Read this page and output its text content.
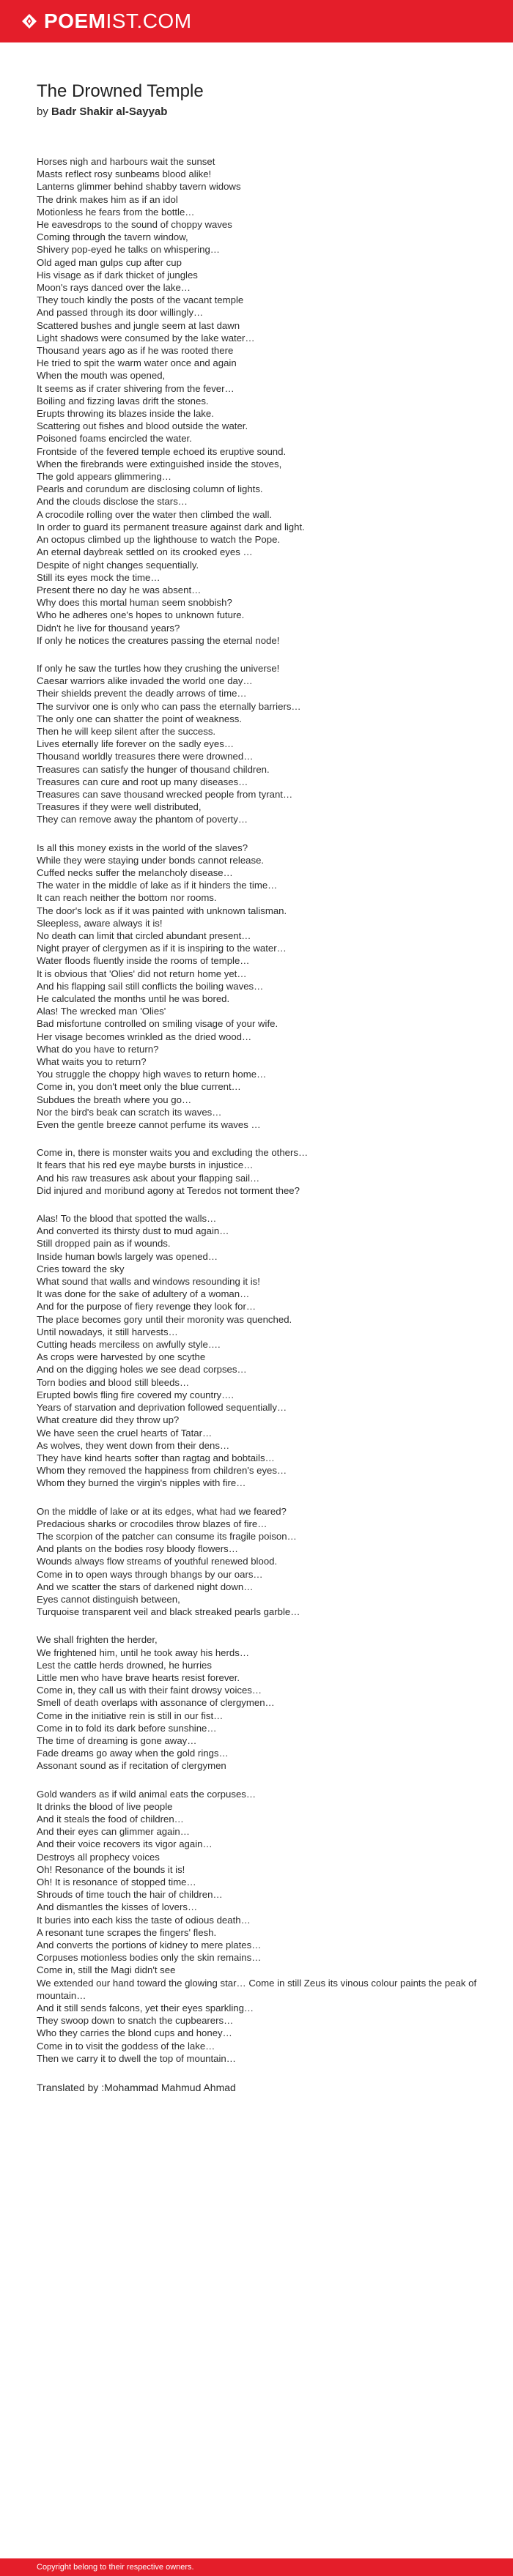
POEMIST.COM
The Drowned Temple
by Badr Shakir al-Sayyab
Horses nigh and harbours wait the sunset
Masts reflect rosy sunbeams blood alike!
Lanterns glimmer behind shabby tavern widows
The drink makes him as if an idol
Motionless he fears from the bottle…
He eavesdrops to the sound of choppy waves
Coming through the tavern window,
Shivery pop-eyed he talks on whispering…
Old aged man gulps cup after cup
His visage as if dark thicket of jungles
Moon's rays danced over the lake…
They touch kindly the posts of the vacant temple
And passed through its door willingly…
Scattered bushes and jungle seem at last dawn
Light shadows were consumed by the lake water…
Thousand years ago as if he was rooted there
He tried to spit the warm water once and again
When the mouth was opened,
It seems as if crater shivering from the fever…
Boiling and fizzing lavas drift the stones.
Erupts throwing its blazes inside the lake.
Scattering out fishes and blood outside the water.
Poisoned foams encircled the water.
Frontside of the fevered temple echoed its eruptive sound.
When the firebrands were extinguished inside the stoves,
The gold appears glimmering…
Pearls and corundum are disclosing column of lights.
And the clouds disclose the stars…
A crocodile rolling over the water then climbed the wall.
In order to guard its permanent treasure against dark and light.
An octopus climbed up the lighthouse to watch the Pope.
An eternal daybreak settled on its crooked eyes …
Despite of night changes sequentially.
Still its eyes mock the time…
Present there no day he was absent…
Why does this mortal human seem snobbish?
Who he adheres one's hopes to unknown future.
Didn't he live for thousand years?
If only he notices the creatures passing the eternal node!
If only he saw the turtles how they crushing the universe!
Caesar warriors alike invaded the world one day…
Their shields prevent the deadly arrows of time…
The survivor one is only who can pass the eternally barriers…
The only one can shatter the point of weakness.
Then he will keep silent after the success.
Lives eternally life forever on the sadly eyes…
Thousand worldly treasures there were drowned…
Treasures can satisfy the hunger of thousand children.
Treasures can cure and root up many diseases…
Treasures can save thousand wrecked people from tyrant…
Treasures if they were well distributed,
They can remove away the phantom of poverty…
Is all this money exists in the world of the slaves?
While they were staying under bonds cannot release.
Cuffed necks suffer the melancholy disease…
The water in the middle of lake as if it hinders the time…
It can reach neither the bottom nor rooms.
The door's lock as if it was painted with unknown talisman.
Sleepless, aware always it is!
No death can limit that circled abundant present…
Night prayer of clergymen as if it is inspiring to the water…
Water floods fluently inside the rooms of temple…
It is obvious that 'Olies' did not return home yet…
And his flapping sail still conflicts the boiling waves…
He calculated the months until he was bored.
Alas! The wrecked man 'Olies'
Bad misfortune controlled on smiling visage of your wife.
Her visage becomes wrinkled as the dried wood…
What do you have to return?
What waits you to return?
You struggle the choppy high waves to return home…
Come in, you don't meet only the blue current…
Subdues the breath where you go…
Nor the bird's beak can scratch its waves…
Even the gentle breeze cannot perfume its waves …
Come in, there is monster waits you and excluding the others…
It fears that his red eye maybe bursts in injustice…
And his raw treasures ask about your flapping sail…
Did injured and moribund agony at Teredos not torment thee?
Alas! To the blood that spotted the walls…
And converted its thirsty dust to mud again…
Still dropped pain as if wounds.
Inside human bowls largely was opened…
Cries toward the sky
What sound that walls and windows resounding it is!
It was done for the sake of adultery of a woman…
And for the purpose of fiery revenge they look for…
The place becomes gory until their moronity was quenched.
Until nowadays, it still harvests…
Cutting heads merciless on awfully style….
As crops were harvested by one scythe
And on the digging holes we see dead corpses…
Torn bodies and blood still bleeds…
Erupted bowls fling fire covered my country….
Years of starvation and deprivation followed sequentially…
What creature did they throw up?
We have seen the cruel hearts of Tatar…
As wolves, they went down from their dens…
They have kind hearts softer than ragtag and bobtails…
Whom they removed the happiness from children's eyes…
Whom they burned the virgin's nipples with fire…
On the middle of lake or at its edges, what had we feared?
Predacious sharks or crocodiles throw blazes of fire…
The scorpion of the patcher can consume its fragile poison…
And plants on the bodies rosy bloody flowers…
Wounds always flow streams of youthful renewed blood.
Come in to open ways through bhangs by our oars…
And we scatter the stars of darkened night down…
Eyes cannot distinguish between,
Turquoise transparent veil and black streaked pearls garble…
We shall frighten the herder,
We frightened him, until he took away his herds…
Lest the cattle herds drowned, he hurries
Little men who have brave hearts resist forever.
Come in, they call us with their faint drowsy voices…
Smell of death overlaps with assonance of clergymen…
Come in the initiative rein is still in our fist…
Come in to fold its dark before sunshine…
The time of dreaming is gone away…
Fade dreams go away when the gold rings…
Assonant sound as if recitation of clergymen
Gold wanders as if wild animal eats the corpuses…
It drinks the blood of live people
And it steals the food of children…
And their eyes can glimmer again…
And their voice recovers its vigor again…
Destroys all prophecy voices
Oh! Resonance of the bounds it is!
Oh! It is resonance of stopped time…
Shrouds of time touch the hair of children…
And dismantles the kisses of lovers…
It buries into each kiss the taste of odious death…
A resonant tune scrapes the fingers' flesh.
And converts the portions of kidney to mere plates…
Corpuses motionless bodies only the skin remains…
Come in, still the Magi didn't see
We extended our hand toward the glowing star… Come in still Zeus its vinous colour paints the peak of mountain…
And it still sends falcons, yet their eyes sparkling…
They swoop down to snatch the cupbearers…
Who they carries the blond cups and honey…
Come in to visit the goddess of the lake…
Then we carry it to dwell the top of mountain…
Translated by :Mohammad Mahmud Ahmad
Copyright belong to their respective owners.
